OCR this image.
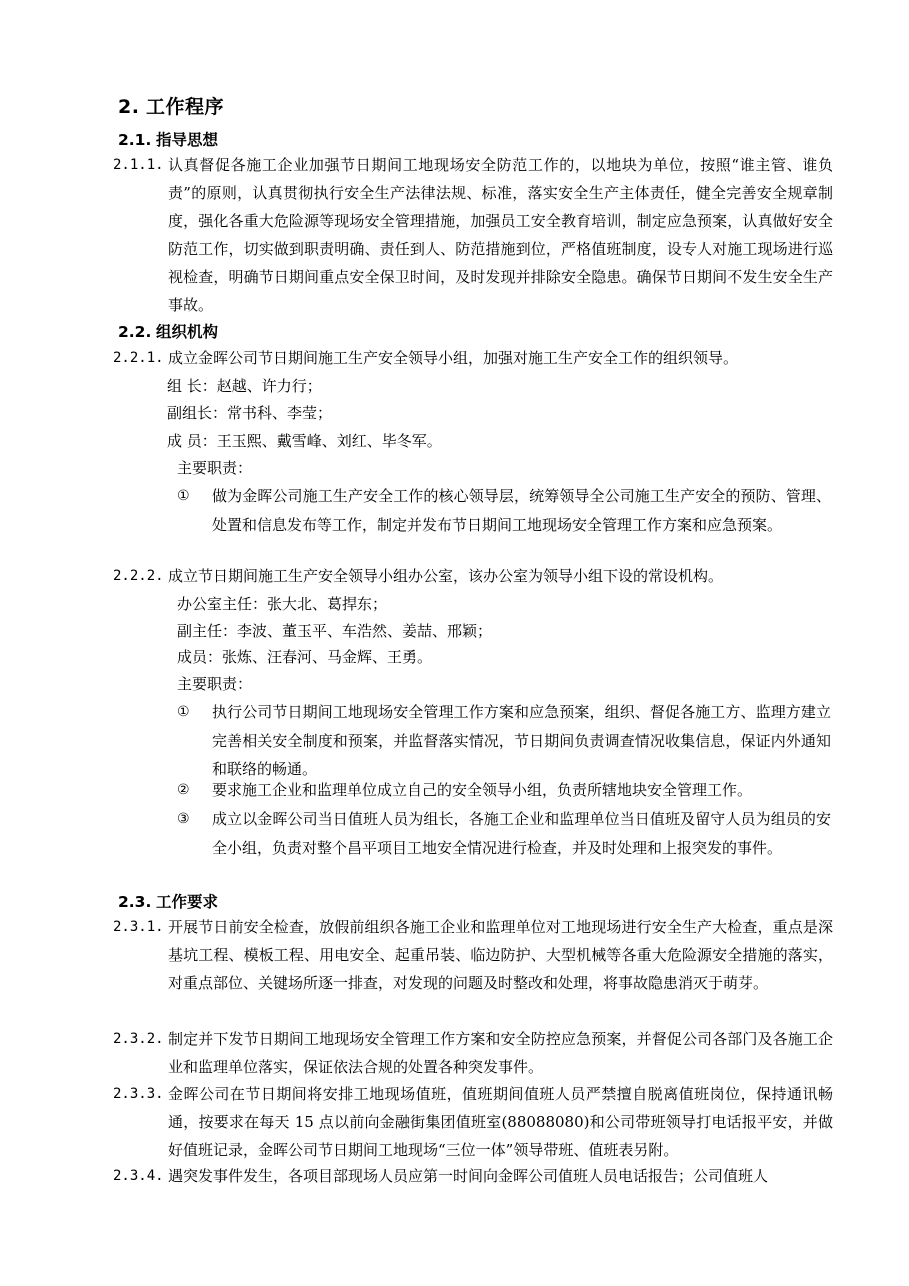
2. 工作程序
2.1. 指导思想
2.1.1. 认真督促各施工企业加强节日期间工地现场安全防范工作的，以地块为单位，按照“谁主管、谁负责”的原则，认真贯彻执行安全生产法律法规、标准，落实安全生产主体责任，健全完善安全规章制度，强化各重大危险源等现场安全管理措施，加强员工安全教育培训，制定应急预案，认真做好安全防范工作，切实做到职责明确、责任到人、防范措施到位，严格值班制度，设专人对施工现场进行巡视检查，明确节日期间重点安全保卫时间，及时发现并排除安全隐患。确保节日期间不发生安全生产事故。
2.2. 组织机构
2.2.1. 成立金晖公司节日期间施工生产安全领导小组，加强对施工生产安全工作的组织领导。
组 长：赵越、许力行；
副组长：常书科、李莹；
成 员：王玉熙、戴雪峰、刘红、毕冬军。
主要职责：
① 做为金晖公司施工生产安全工作的核心领导层，统筹领导全公司施工生产安全的预防、管理、处置和信息发布等工作，制定并发布节日期间工地现场安全管理工作方案和应急预案。
2.2.2. 成立节日期间施工生产安全领导小组办公室，该办公室为领导小组下设的常设机构。
办公室主任：张大北、葛捍东；
副主任：李波、董玉平、车浩然、姜喆、邢颖；
成员：张炼、汪春河、马金辉、王勇。
主要职责：
① 执行公司节日期间工地现场安全管理工作方案和应急预案，组织、督促各施工方、监理方建立完善相关安全制度和预案，并监督落实情况，节日期间负责调查情况收集信息，保证内外通知和联络的畅通。
② 要求施工企业和监理单位成立自己的安全领导小组，负责所辖地块安全管理工作。
③ 成立以金晖公司当日值班人员为组长，各施工企业和监理单位当日值班及留守人员为组员的安全小组，负责对整个昌平项目工地安全情况进行检查，并及时处理和上报突发的事件。
2.3. 工作要求
2.3.1. 开展节日前安全检查，放假前组织各施工企业和监理单位对工地现场进行安全生产大检查，重点是深基坑工程、模板工程、用电安全、起重吊装、临边防护、大型机械等各重大危险源安全措施的落实，对重点部位、关键场所逐一排查，对发现的问题及时整改和处理，将事故隐患消灭于萌芽。
2.3.2. 制定并下发节日期间工地现场安全管理工作方案和安全防控应急预案，并督促公司各部门及各施工企业和监理单位落实，保证依法合规的处置各种突发事件。
2.3.3. 金晖公司在节日期间将安排工地现场值班，值班期间值班人员严禁擅自脱离值班岗位，保持通讯畅通，按要求在每天 15 点以前向金融街集团值班室(88088080)和公司带班领导打电话报平安，并做好值班记录，金晖公司节日期间工地现场“三位一体”领导带班、值班表另附。
2.3.4. 遇突发事件发生，各项目部现场人员应第一时间向金晖公司值班人员电话报告；公司值班人
